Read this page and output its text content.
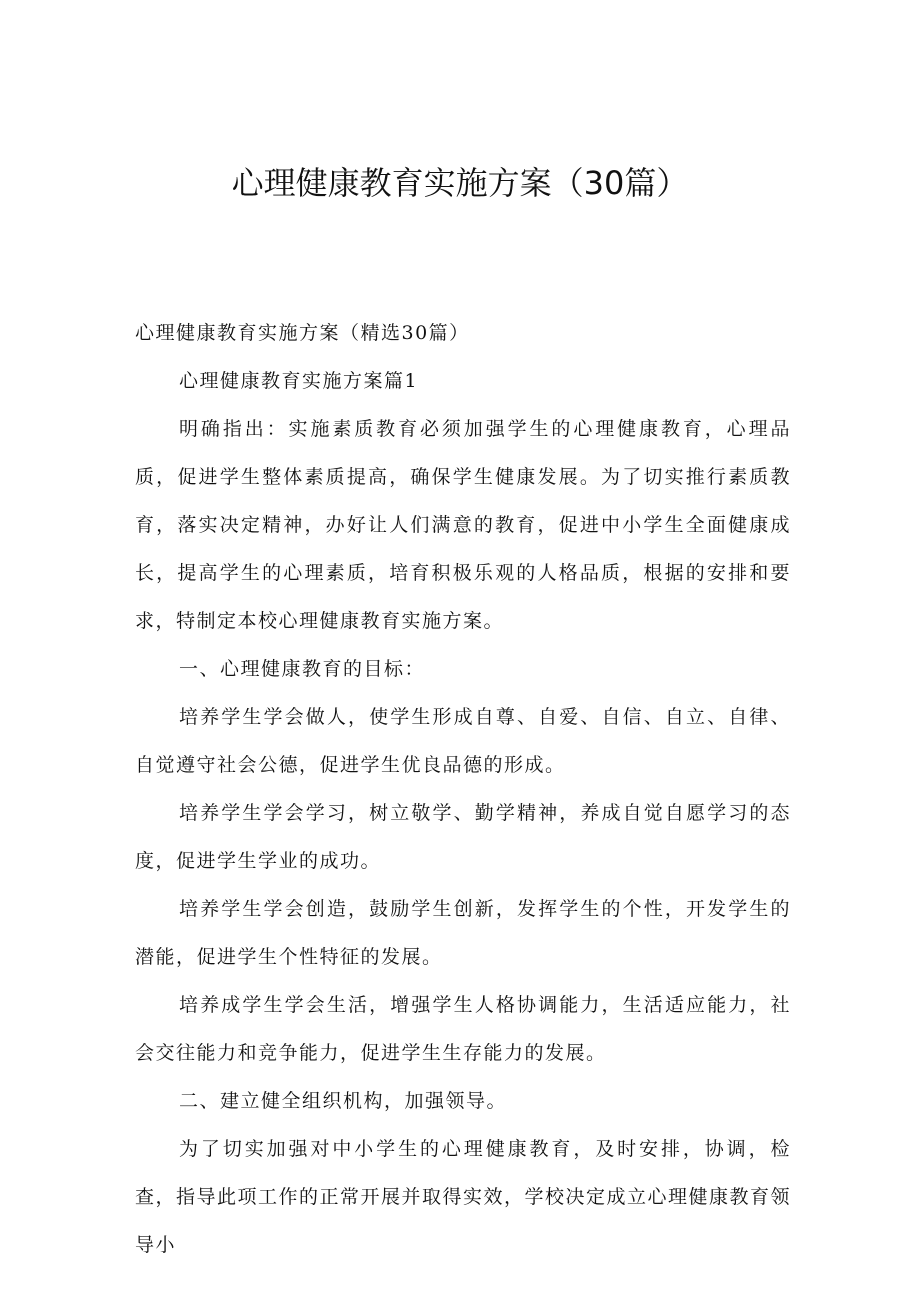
心理健康教育实施方案（30篇）

心理健康教育实施方案（精选30篇）

心理健康教育实施方案篇1

明确指出：实施素质教育必须加强学生的心理健康教育，心理品质，促进学生整体素质提高，确保学生健康发展。为了切实推行素质教育，落实决定精神，办好让人们满意的教育，促进中小学生全面健康成长，提高学生的心理素质，培育积极乐观的人格品质，根据的安排和要求，特制定本校心理健康教育实施方案。

一、心理健康教育的目标：

培养学生学会做人，使学生形成自尊、自爱、自信、自立、自律、自觉遵守社会公德，促进学生优良品德的形成。

培养学生学会学习，树立敬学、勤学精神，养成自觉自愿学习的态度，促进学生学业的成功。

培养学生学会创造，鼓励学生创新，发挥学生的个性，开发学生的潜能，促进学生个性特征的发展。

培养成学生学会生活，增强学生人格协调能力，生活适应能力，社会交往能力和竞争能力，促进学生生存能力的发展。

二、建立健全组织机构，加强领导。

为了切实加强对中小学生的心理健康教育，及时安排，协调，检查，指导此项工作的正常开展并取得实效，学校决定成立心理健康教育领导小
